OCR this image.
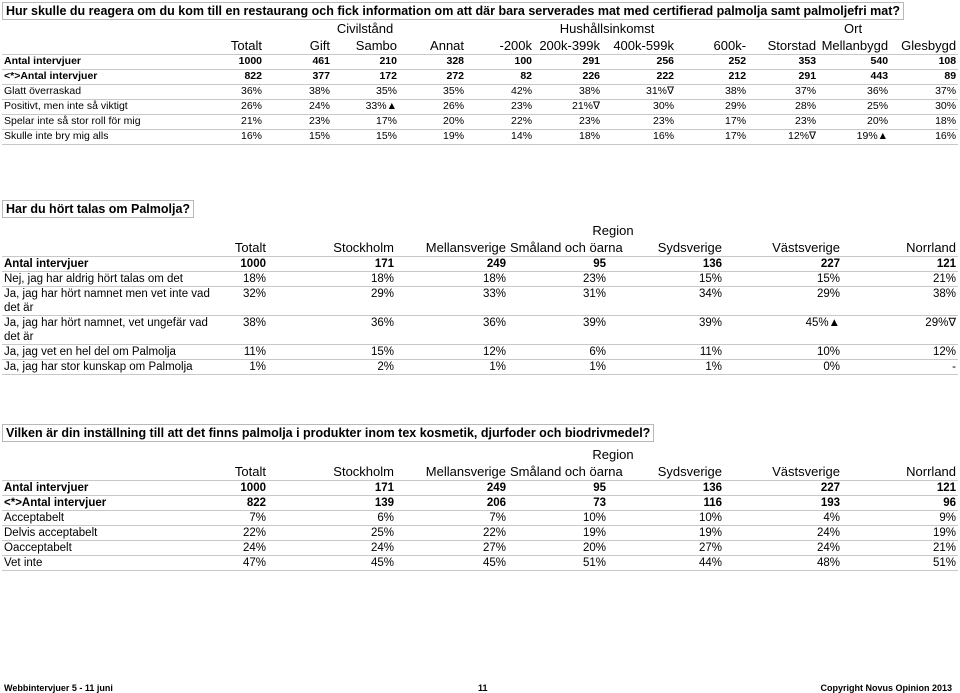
Hur skulle du reagera om du kom till en restaurang och fick information om att där bara serverades mat med certifierad palmolja samt palmoljefri mat?
		Civilstånd			Hushållsinkomst				Ort		
	Totalt	Gift	Sambo	Annat	-200k	200k-399k	400k-599k	600k-	Storstad	Mellanbygd	Glesbygd
Antal intervjuer	1000	461	210	328	100	291	256	252	353	540	108
<*>Antal intervjuer	822	377	172	272	82	226	222	212	291	443	89
Glatt överraskad	36%	38%	35%	35%	42%	38%	31%∇	38%	37%	36%	37%
Positivt, men inte så viktigt	26%	24%	33%▲	26%	23%	21%∇	30%	29%	28%	25%	30%
Spelar inte så stor roll för mig	21%	23%	17%	20%	22%	23%	23%	17%	23%	20%	18%
Skulle inte bry mig alls	16%	15%	15%	19%	14%	18%	16%	17%	12%∇	19%▲	16%
Har du hört talas om Palmolja?
		Region					
	Totalt	Stockholm	Mellansverige	Småland och öarna	Sydsverige	Västsverige	Norrland
Antal intervjuer	1000	171	249	95	136	227	121
Nej, jag har aldrig hört talas om det	18%	18%	18%	23%	15%	15%	21%
Ja, jag har hört namnet men vet inte vad det är	32%	29%	33%	31%	34%	29%	38%
Ja, jag har hört namnet, vet ungefär vad det är	38%	36%	36%	39%	39%	45%▲	29%∇
Ja, jag vet en hel del om Palmolja	11%	15%	12%	6%	11%	10%	12%
Ja, jag har stor kunskap om Palmolja	1%	2%	1%	1%	1%	0%	-
Vilken är din inställning till att det finns palmolja i produkter inom tex kosmetik, djurfoder och biodrivmedel?
		Region					
	Totalt	Stockholm	Mellansverige	Småland och öarna	Sydsverige	Västsverige	Norrland
Antal intervjuer	1000	171	249	95	136	227	121
<*>Antal intervjuer	822	139	206	73	116	193	96
Acceptabelt	7%	6%	7%	10%	10%	4%	9%
Delvis acceptabelt	22%	25%	22%	19%	19%	24%	19%
Oacceptabelt	24%	24%	27%	20%	27%	24%	21%
Vet inte	47%	45%	45%	51%	44%	48%	51%
Webbintervjuer 5 - 11 juni	11	Copyright Novus Opinion 2013
